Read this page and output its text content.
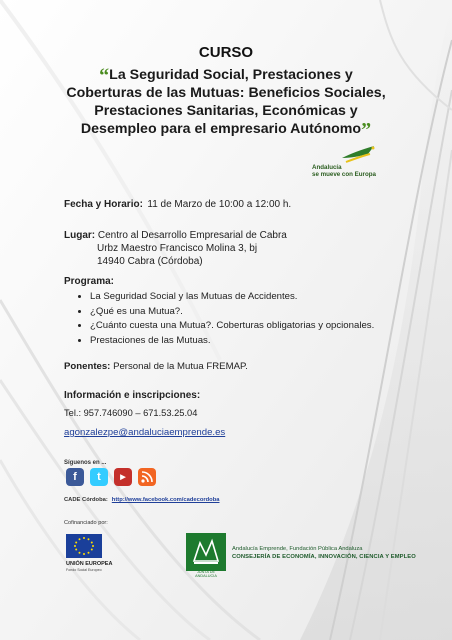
CURSO
“La Seguridad Social, Prestaciones y Coberturas de las Mutuas: Beneficios Sociales, Prestaciones Sanitarias, Económicas y Desempleo para el empresario Autónomo”
Andalucía
se mueve con Europa
Fecha y Horario: 11 de Marzo de 10:00 a 12:00 h.
Lugar: Centro al Desarrollo Empresarial de Cabra
Urbz Maestro Francisco Molina 3, bj
14940 Cabra (Córdoba)
Programa:
• La Seguridad Social y las Mutuas de Accidentes.
• ¿Qué es una Mutua?.
• ¿Cuánto cuesta una Mutua?. Coberturas obligatorias y opcionales.
• Prestaciones de las Mutuas.
Ponentes: Personal de la Mutua FREMAP.
Información e inscripciones:
Tel.: 957.746090 – 671.53.25.04
agonzalezpe@andaluciaemprende.es
Síguenos en ...
f	t	▶
CADE Córdoba: http://www.facebook.com/cadecordoba
Cofinanciado por:
UNIÓN EUROPEA
Fondo Social Europeo	JUNTA DE ANDALUCIA
Andalucía Emprende, Fundación Pública Andaluza
CONSEJERÍA DE ECONOMÍA, INNOVACIÓN, CIENCIA Y EMPLEO
